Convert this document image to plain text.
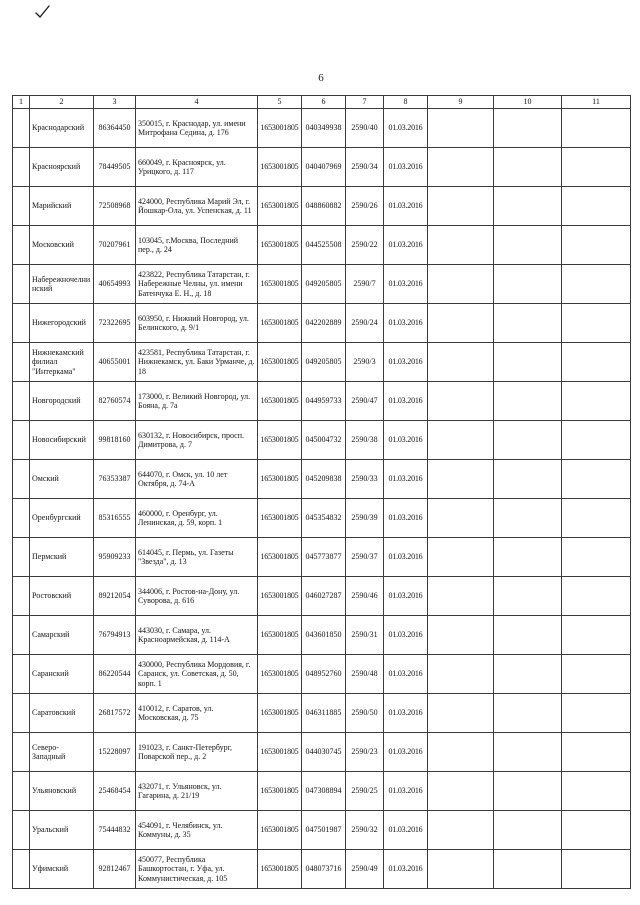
6
1	2	3	4	5	6	7	8	9	10	11
	Краснодарский	86364450	350015, г. Краснодар, ул. имени Митрофана Седина, д. 176	1653001805	040349938	2590/40	01.03.2016			
	Красноярский	78449505	660049, г. Красноярск, ул. Урицкого, д. 117	1653001805	040407969	2590/34	01.03.2016			
	Марийский	72508968	424000, Республика Марий Эл, г. Йошкар-Ола, ул. Успенская, д. 11	1653001805	048860882	2590/26	01.03.2016			
	Московский	70207961	103045, г.Москва, Последний пер., д. 24	1653001805	044525508	2590/22	01.03.2016			
	Набережночелнинский	40654993	423822, Республика Татарстан, г. Набережные Челны, ул. имени Батенчука Е. Н., д. 18	1653001805	049205805	2590/7	01.03.2016			
	Нижегородский	72322695	603950, г. Нижний Новгород, ул. Белинского, д. 9/1	1653001805	042202889	2590/24	01.03.2016			
	Нижнекамский филиал "Интеркама"	40655001	423581, Республика Татарстан, г. Нижнекамск, ул. Баки Урманче, д. 18	1653001805	049205805	2590/3	01.03.2016			
	Новгородский	82760574	173000, г. Великий Новгород, ул. Бояна, д. 7а	1653001805	044959733	2590/47	01.03.2016			
	Новосибирский	99818160	630132, г. Новосибирск, просп. Димитрова, д. 7	1653001805	045004732	2590/38	01.03.2016			
	Омский	76353387	644070, г. Омск, ул. 10 лет Октября, д. 74-А	1653001805	045209838	2590/33	01.03.2016			
	Оренбургский	85316555	460000, г. Оренбург, ул. Ленинская, д. 59, корп. 1	1653001805	045354832	2590/39	01.03.2016			
	Пермский	95909233	614045, г. Пермь, ул. Газеты "Звезда", д. 13	1653001805	045773877	2590/37	01.03.2016			
	Ростовский	89212054	344006, г. Ростов-на-Дону, ул. Суворова, д. 616	1653001805	046027287	2590/46	01.03.2016			
	Самарский	76794913	443030, г. Самара, ул. Красноармейская, д. 114-А	1653001805	043601850	2590/31	01.03.2016			
	Саранский	86220544	430000, Республика Мордовия, г. Саранск, ул. Советская, д. 50, корп. 1	1653001805	048952760	2590/48	01.03.2016			
	Саратовский	26817572	410012, г. Саратов, ул. Московская, д. 75	1653001805	046311885	2590/50	01.03.2016			
	Северо-Западный	15228097	191023, г. Санкт-Петербург, Поварской пер., д. 2	1653001805	044030745	2590/23	01.03.2016			
	Ульяновский	25468454	432071, г. Ульяновск, ул. Гагарина, д. 21/19	1653001805	047308894	2590/25	01.03.2016			
	Уральский	75444832	454091, г. Челябинск, ул. Коммуны, д. 35	1653001805	047501987	2590/32	01.03.2016			
	Уфимский	92812467	450077, Республика Башкортостан, г. Уфа, ул. Коммунистическая, д. 105	1653001805	048073716	2590/49	01.03.2016			
